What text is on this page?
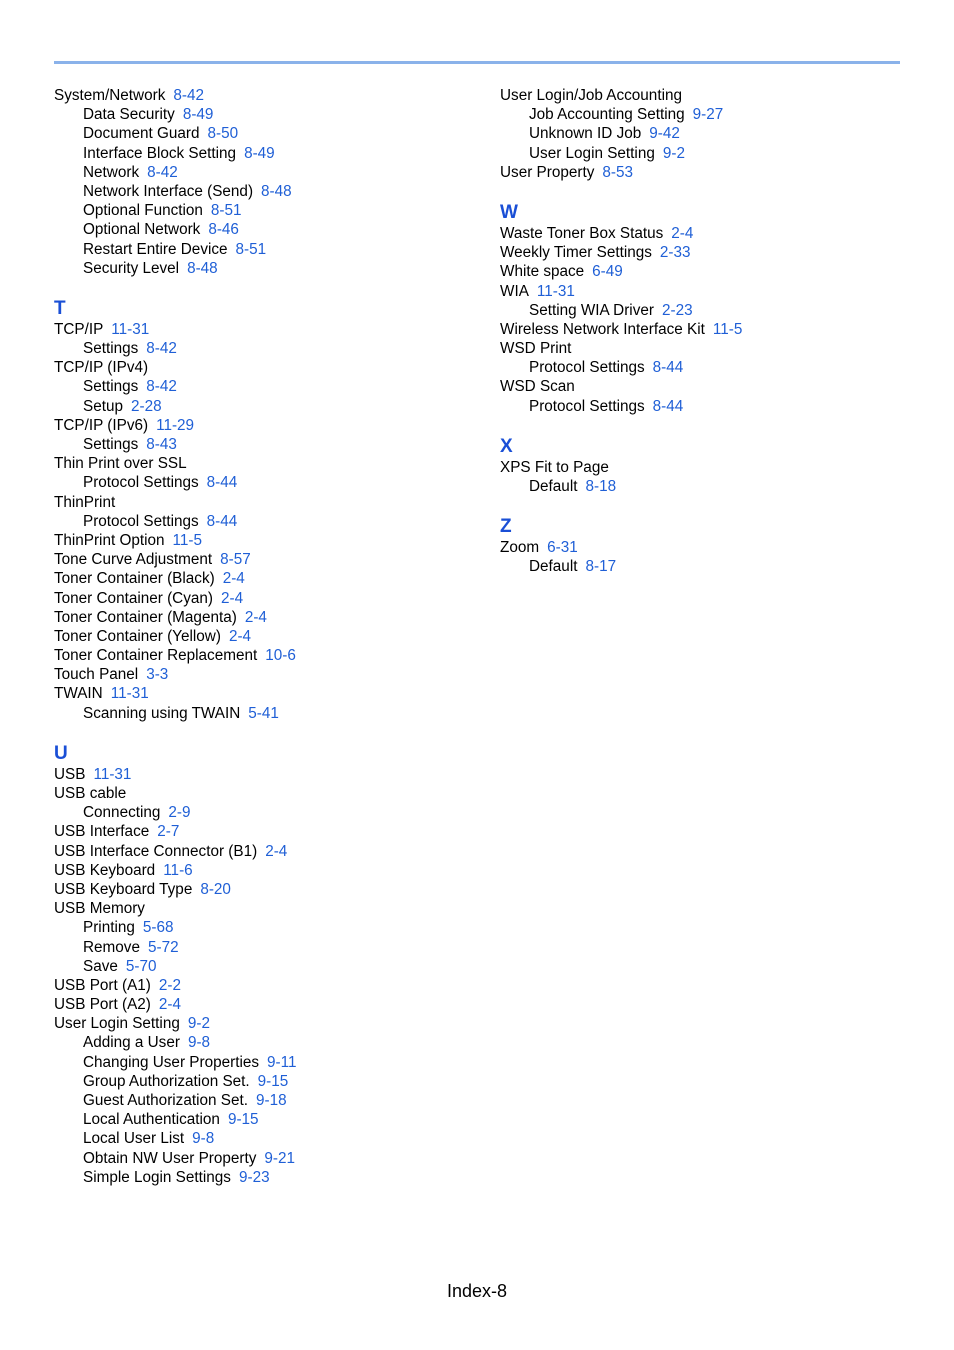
System/Network 8-42
Data Security 8-49
Document Guard 8-50
Interface Block Setting 8-49
Network 8-42
Network Interface (Send) 8-48
Optional Function 8-51
Optional Network 8-46
Restart Entire Device 8-51
Security Level 8-48
T
TCP/IP 11-31
Settings 8-42
TCP/IP (IPv4)
Settings 8-42
Setup 2-28
TCP/IP (IPv6) 11-29
Settings 8-43
Thin Print over SSL
Protocol Settings 8-44
ThinPrint
Protocol Settings 8-44
ThinPrint Option 11-5
Tone Curve Adjustment 8-57
Toner Container (Black) 2-4
Toner Container (Cyan) 2-4
Toner Container (Magenta) 2-4
Toner Container (Yellow) 2-4
Toner Container Replacement 10-6
Touch Panel 3-3
TWAIN 11-31
Scanning using TWAIN 5-41
U
USB 11-31
USB cable
Connecting 2-9
USB Interface 2-7
USB Interface Connector (B1) 2-4
USB Keyboard 11-6
USB Keyboard Type 8-20
USB Memory
Printing 5-68
Remove 5-72
Save 5-70
USB Port (A1) 2-2
USB Port (A2) 2-4
User Login Setting 9-2
Adding a User 9-8
Changing User Properties 9-11
Group Authorization Set. 9-15
Guest Authorization Set. 9-18
Local Authentication 9-15
Local User List 9-8
Obtain NW User Property 9-21
Simple Login Settings 9-23
User Login/Job Accounting
Job Accounting Setting 9-27
Unknown ID Job 9-42
User Login Setting 9-2
User Property 8-53
W
Waste Toner Box Status 2-4
Weekly Timer Settings 2-33
White space 6-49
WIA 11-31
Setting WIA Driver 2-23
Wireless Network Interface Kit 11-5
WSD Print
Protocol Settings 8-44
WSD Scan
Protocol Settings 8-44
X
XPS Fit to Page
Default 8-18
Z
Zoom 6-31
Default 8-17
Index-8
